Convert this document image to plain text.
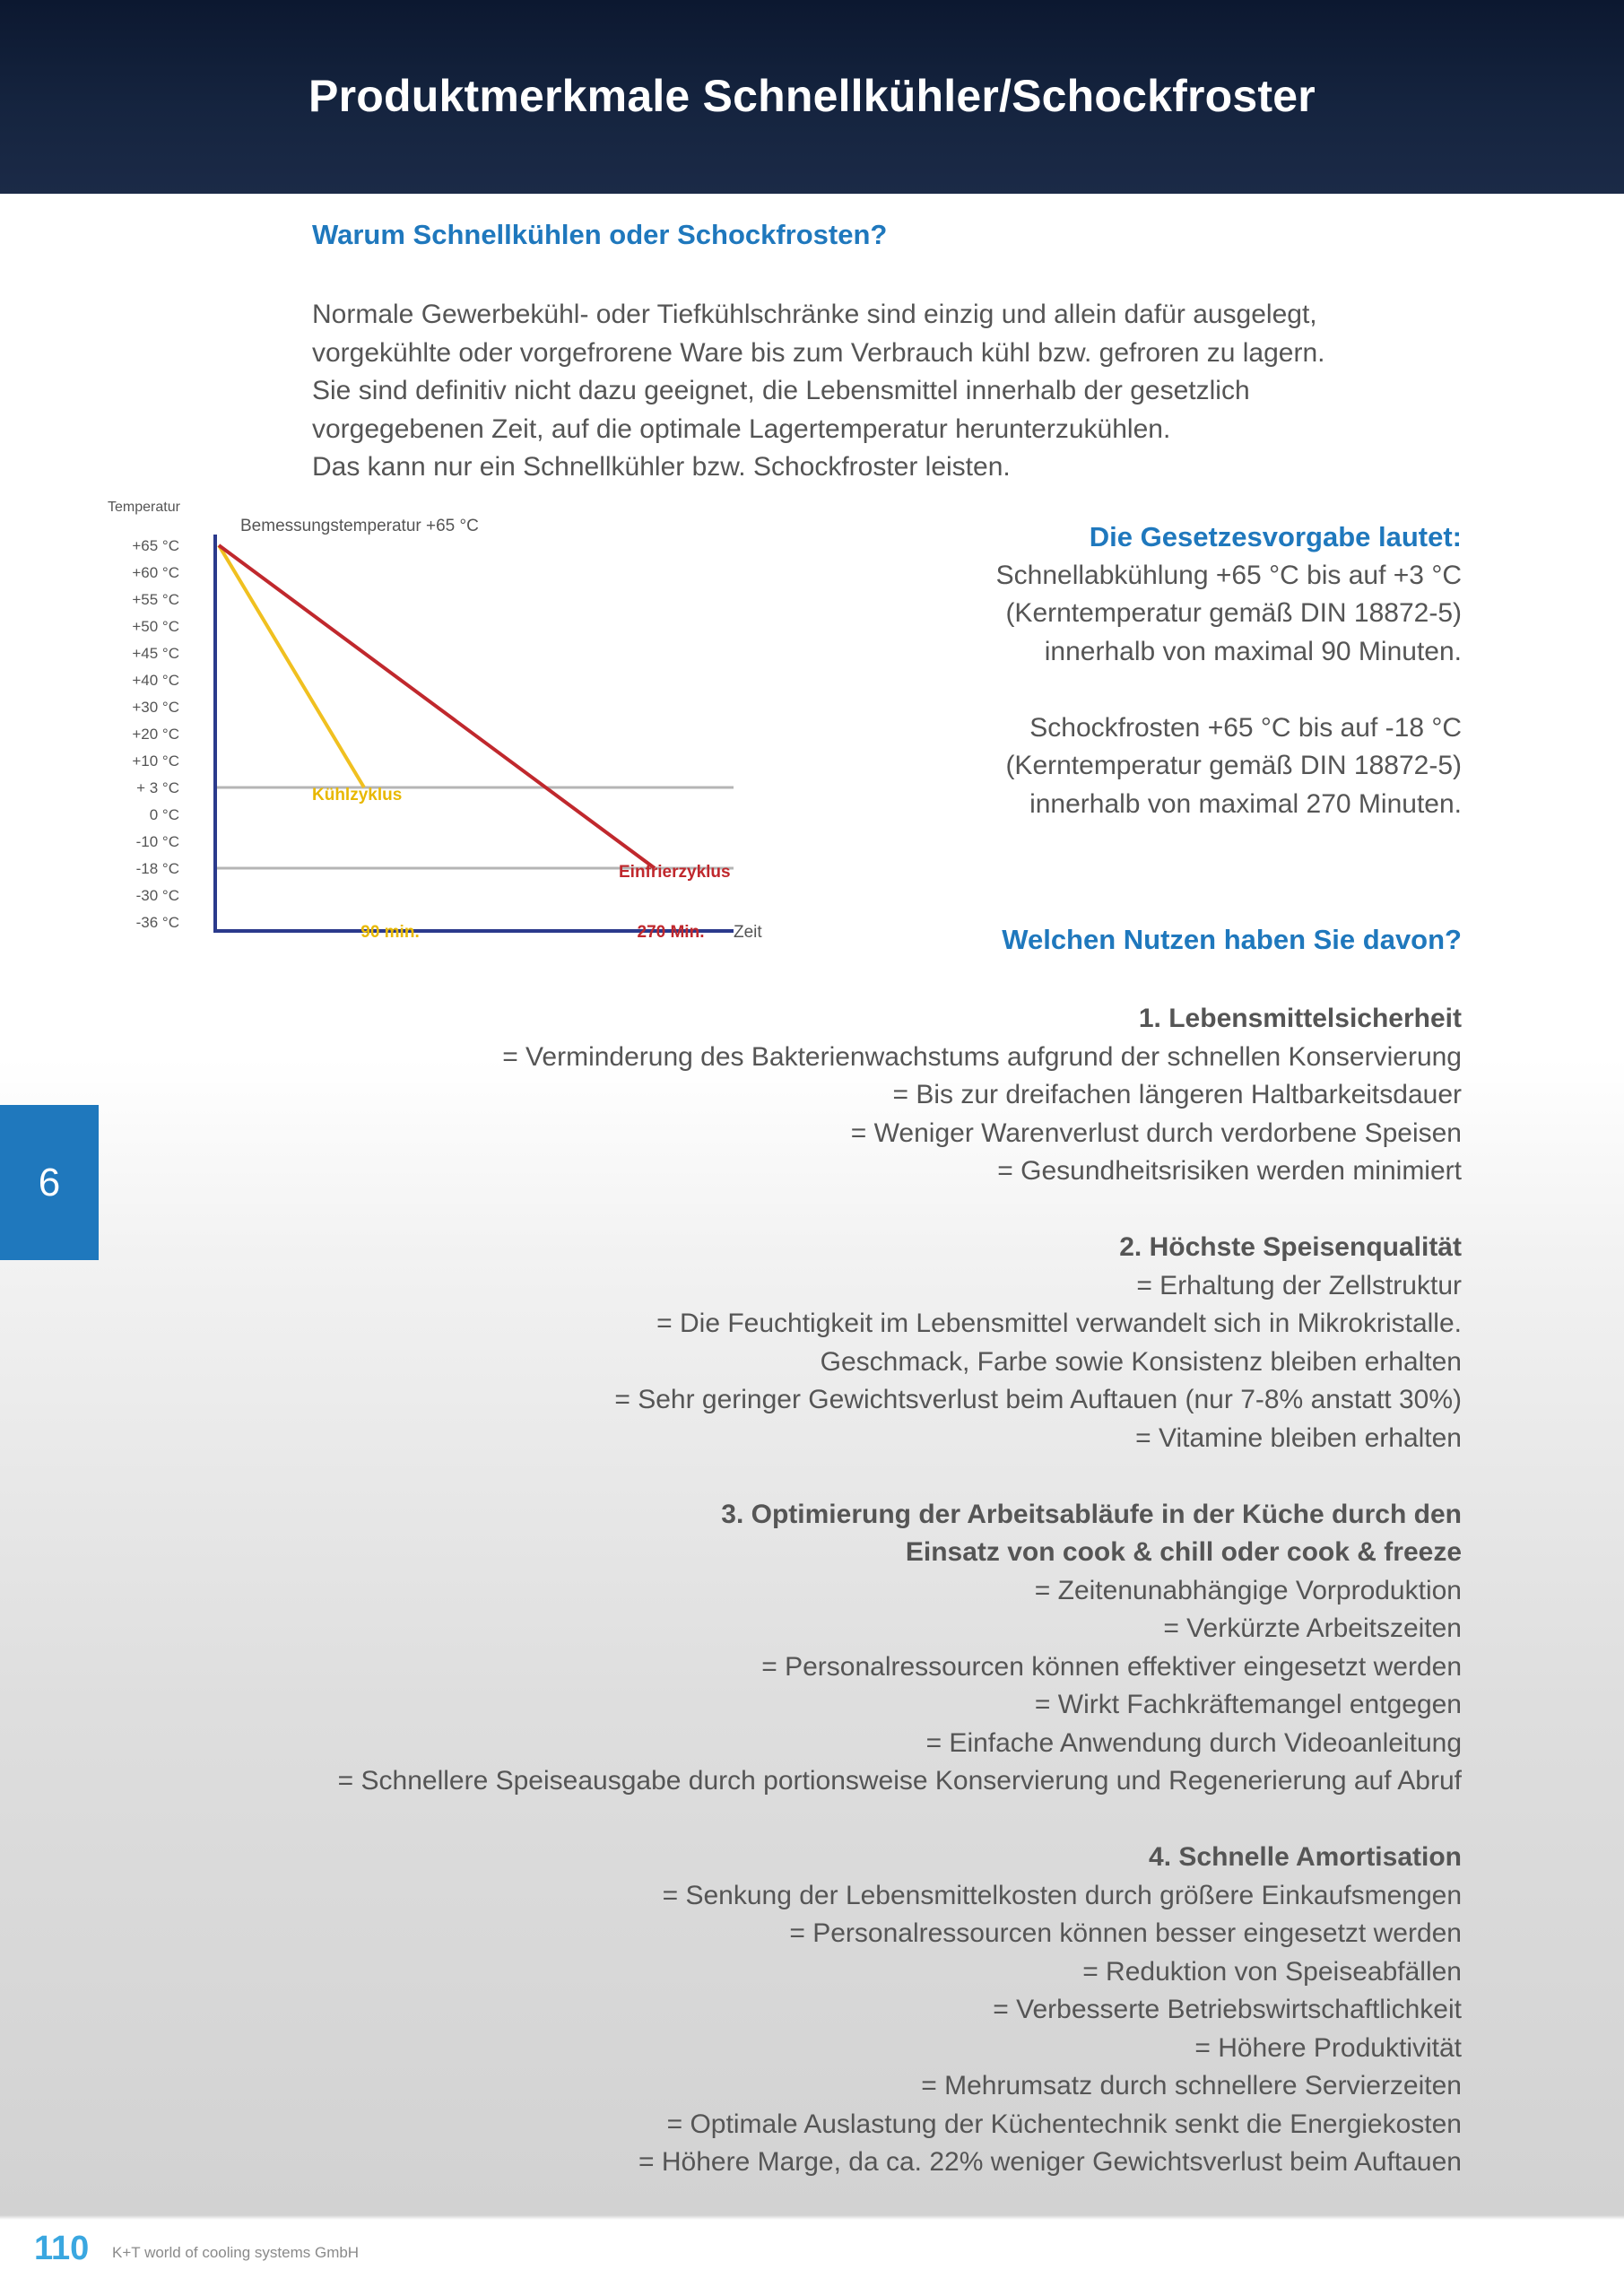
Produktmerkmale Schnellkühler/Schockfroster
Warum Schnellkühlen oder Schockfrosten?
Normale Gewerbekühl- oder Tiefkühlschränke sind einzig und allein dafür ausgelegt,
vorgekühlte oder vorgefrorene Ware bis zum Verbrauch kühl bzw. gefroren zu lagern.
Sie sind definitiv nicht dazu geeignet, die Lebensmittel innerhalb der gesetzlich
vorgegebenen Zeit, auf die optimale Lagertemperatur herunterzukühlen.
Das kann nur ein Schnellkühler bzw. Schockfroster leisten.
Temperatur
+65 °C
+60 °C
+55 °C
+50 °C
+45 °C
+40 °C
+30 °C
+20 °C
+10 °C
+ 3 °C
0 °C
-10 °C
-18 °C
-30 °C
-36 °C
Bemessungstemperatur +65 °C
Kühlzyklus
Einfrierzyklus
90 min.	270 Min. Zeit
Die Gesetzesvorgabe lautet:
Schnellabkühlung +65 °C bis auf +3 °C
(Kerntemperatur gemäß DIN 18872-5)
innerhalb von maximal 90 Minuten.
Schockfrosten +65 °C bis auf -18 °C
(Kerntemperatur gemäß DIN 18872-5)
innerhalb von maximal 270 Minuten.
Welchen Nutzen haben Sie davon?
1. Lebensmittelsicherheit
= Verminderung des Bakterienwachstums aufgrund der schnellen Konservierung
= Bis zur dreifachen längeren Haltbarkeitsdauer
= Weniger Warenverlust durch verdorbene Speisen
= Gesundheitsrisiken werden minimiert
2. Höchste Speisenqualität
= Erhaltung der Zellstruktur
= Die Feuchtigkeit im Lebensmittel verwandelt sich in Mikrokristalle.
Geschmack, Farbe sowie Konsistenz bleiben erhalten
= Sehr geringer Gewichtsverlust beim Auftauen (nur 7-8% anstatt 30%)
= Vitamine bleiben erhalten
3. Optimierung der Arbeitsabläufe in der Küche durch den
Einsatz von cook & chill oder cook & freeze
= Zeitenunabhängige Vorproduktion
= Verkürzte Arbeitszeiten
= Personalressourcen können effektiver eingesetzt werden
= Wirkt Fachkräftemangel entgegen
= Einfache Anwendung durch Videoanleitung
= Schnellere Speiseausgabe durch portionsweise Konservierung und Regenerierung auf Abruf
4. Schnelle Amortisation
= Senkung der Lebensmittelkosten durch größere Einkaufsmengen
= Personalressourcen können besser eingesetzt werden
= Reduktion von Speiseabfällen
= Verbesserte Betriebswirtschaftlichkeit
= Höhere Produktivität
= Mehrumsatz durch schnellere Servierzeiten
= Optimale Auslastung der Küchentechnik senkt die Energiekosten
= Höhere Marge, da ca. 22% weniger Gewichtsverlust beim Auftauen
6
110 K+T world of cooling systems GmbH
